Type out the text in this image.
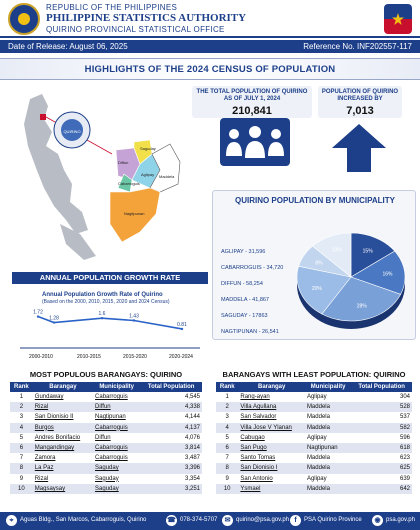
REPUBLIC OF THE PHILIPPINES
PHILIPPINE STATISTICS AUTHORITY
QUIRINO PROVINCIAL STATISTICAL OFFICE
Date of Release: August 06, 2025	Reference No. INF202557-117
HIGHLIGHTS OF THE 2024 CENSUS OF POPULATION
QUIRINO
Diffun
Saguday
Cabarroguis
Aglipay Maddela
Nagtipunan
THE TOTAL POPULATION OF QUIRINO AS OF JULY 1, 2024
210,841
POPULATION OF QUIRINO INCREASED BY
7,013
QUIRINO POPULATION BY MUNICIPALITY
AGLIPAY - 31,596
CABARROGUIS - 34,720
DIFFUN - 58,254
MADDELA - 41,867
SAGUDAY - 17863
NAGTIPUNAN - 26,541
15%
16%
28%
20%
8%
13%
ANNUAL POPULATION GROWTH RATE
Annual Population Growth Rate of Quirino
(Based on the 2000, 2010, 2015, 2020 and 2024 Census)
1.72
1.28
1.6	1.43
0.81
2000-2010	2010-2015	2015-2020	2020-2024
MOST POPULOUS BARANGAYS: QUIRINO
Rank	Barangay	Municipality	Total Population
1	Gundaway	Cabarroguis	4,545
2	Rizal	Diffun	4,338
3	San Dionisio II	Nagtipunan	4,144
4	Burgos	Cabarroguis	4,137
5	Andres Bonifacio	Diffun	4,076
6	Mangandingay	Cabarroguis	3,814
7	Zamora	Cabarroguis	3,487
8	La Paz	Saguday	3,396
9	Rizal	Saguday	3,354
10	Magsaysay	Saguday	3,251
BARANGAYS WITH LEAST POPULATION: QUIRINO
Rank	Barangay	Municipality	Total Population
1	Rang-ayan	Aglipay	304
2	Villa Agullana	Maddela	528
3	San Salvador	Maddela	537
4	Villa Jose V Ylanan	Maddela	582
5	Cabugao	Aglipay	596
6	San Pugo	Nagtipunan	618
7	Santo Tomas	Maddela	623
8	San Dionisio I	Maddela	625
9	San Antonio	Aglipay	639
10	Ysmael	Maddela	642
⌖	Aguas Bldg., San Marcos, Cabarroguis, Quirino	☎ 078-374-5707	✉ quirino@psa.gov.ph f	PSA Quirino Province	◉ psa.gov.ph
